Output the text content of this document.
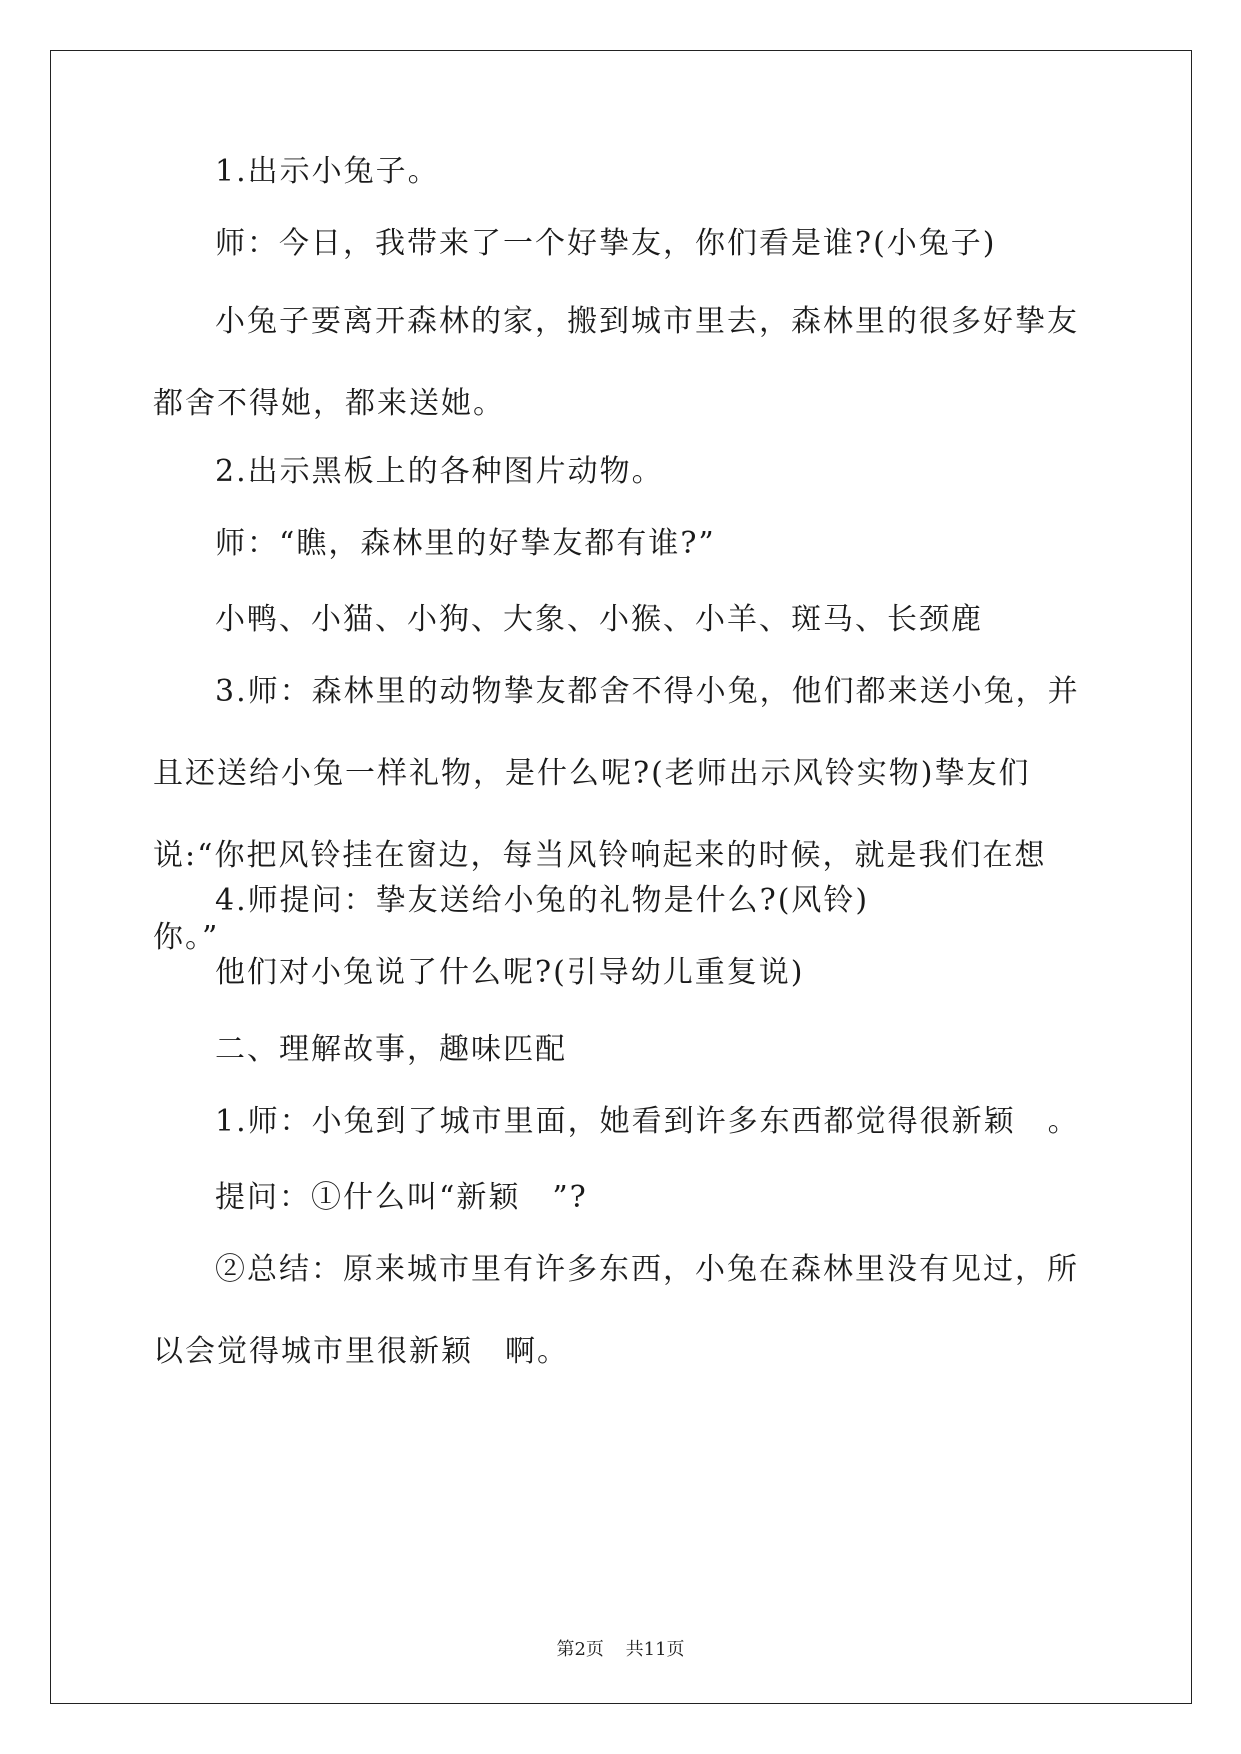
1.出示小兔子。
师：今日，我带来了一个好挚友，你们看是谁?(小兔子)
小兔子要离开森林的家，搬到城市里去，森林里的很多好挚友都舍不得她，都来送她。
2.出示黑板上的各种图片动物。
师：“瞧，森林里的好挚友都有谁?”
小鸭、小猫、小狗、大象、小猴、小羊、斑马、长颈鹿
3.师：森林里的动物挚友都舍不得小兔，他们都来送小兔，并且还送给小兔一样礼物，是什么呢?(老师出示风铃实物)挚友们说:“你把风铃挂在窗边，每当风铃响起来的时候，就是我们在想你。”
4.师提问：挚友送给小兔的礼物是什么?(风铃)
他们对小兔说了什么呢?(引导幼儿重复说)
二、理解故事，趣味匹配
1.师：小兔到了城市里面，她看到许多东西都觉得很新颖　。
提问：①什么叫“新颖　”?
②总结：原来城市里有许多东西，小兔在森林里没有见过，所以会觉得城市里很新颖　啊。
第2页 共11页
